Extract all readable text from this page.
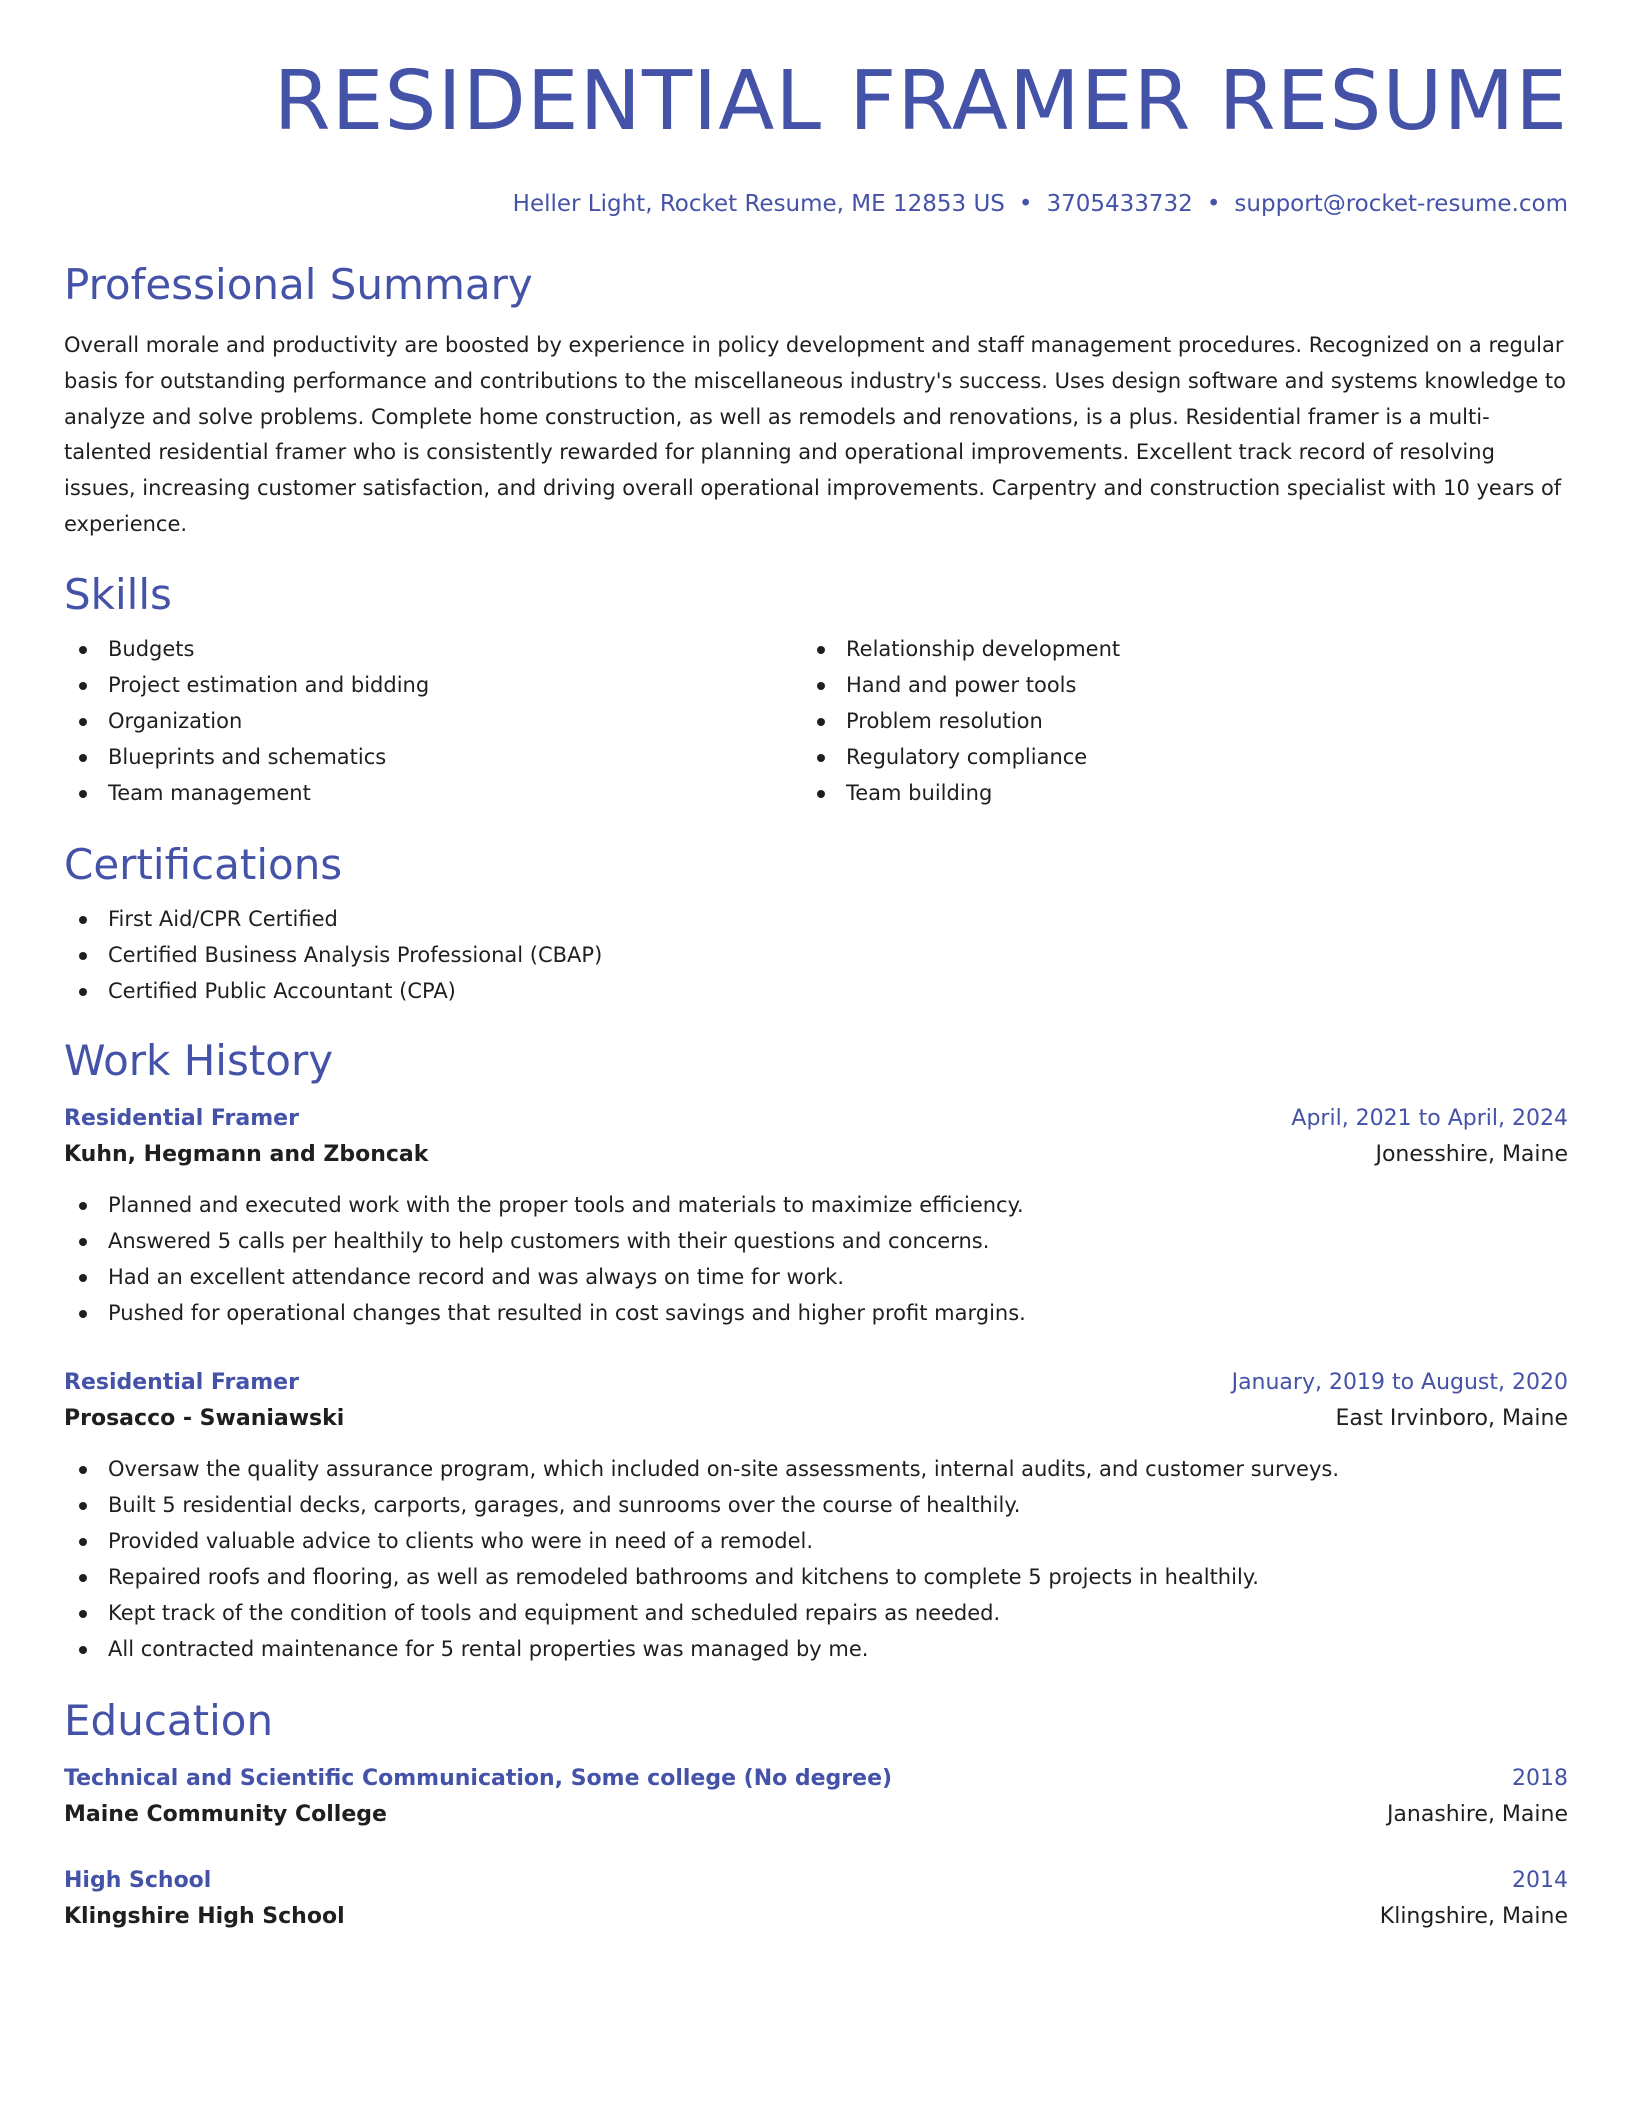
RESIDENTIAL FRAMER RESUME
Heller Light, Rocket Resume, ME 12853 US • 3705433732 • support@rocket-resume.com
Professional Summary

Overall morale and productivity are boosted by experience in policy development and staff management procedures. Recognized on a regular basis for outstanding performance and contributions to the miscellaneous industry's success. Uses design software and systems knowledge to analyze and solve problems. Complete home construction, as well as remodels and renovations, is a plus. Residential framer is a multi-talented residential framer who is consistently rewarded for planning and operational improvements. Excellent track record of resolving issues, increasing customer satisfaction, and driving overall operational improvements. Carpentry and construction specialist with 10 years of experience.

Skills
Budgets
Project estimation and bidding
Organization
Blueprints and schematics
Team management
Relationship development
Hand and power tools
Problem resolution
Regulatory compliance
Team building
Certifications
First Aid/CPR Certified
Certified Business Analysis Professional (CBAP)
Certified Public Accountant (CPA)
Work History
Residential Framer	April, 2021 to April, 2024
Kuhn, Hegmann and Zboncak	Jonesshire, Maine
Planned and executed work with the proper tools and materials to maximize efficiency.
Answered 5 calls per healthily to help customers with their questions and concerns.
Had an excellent attendance record and was always on time for work.
Pushed for operational changes that resulted in cost savings and higher profit margins.
Residential Framer	January, 2019 to August, 2020
Prosacco - Swaniawski	East Irvinboro, Maine
Oversaw the quality assurance program, which included on-site assessments, internal audits, and customer surveys.
Built 5 residential decks, carports, garages, and sunrooms over the course of healthily.
Provided valuable advice to clients who were in need of a remodel.
Repaired roofs and flooring, as well as remodeled bathrooms and kitchens to complete 5 projects in healthily.
Kept track of the condition of tools and equipment and scheduled repairs as needed.
All contracted maintenance for 5 rental properties was managed by me.
Education
Technical and Scientific Communication, Some college (No degree)	2018
Maine Community College	Janashire, Maine
High School	2014
Klingshire High School	Klingshire, Maine
